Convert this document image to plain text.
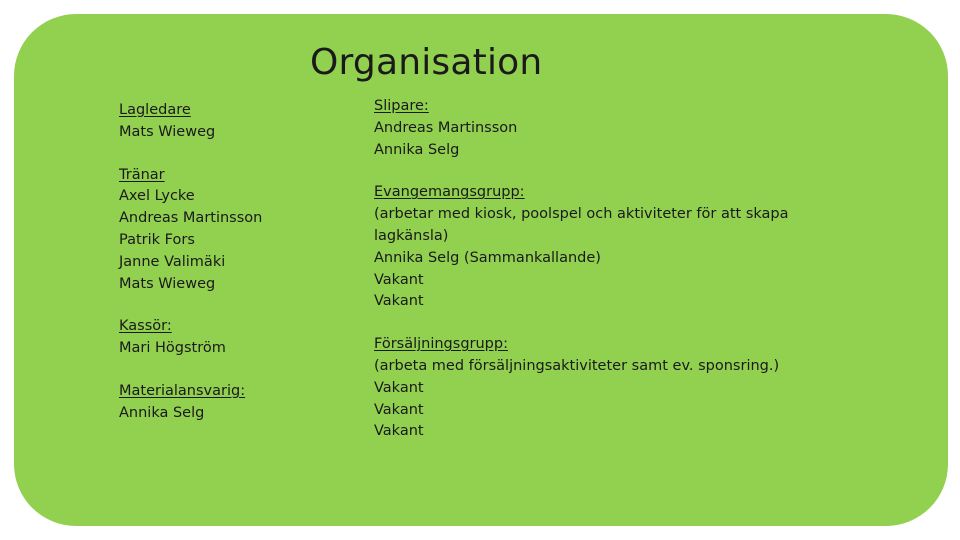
Organisation
Lagledare
Mats Wieweg
Tränar
Axel Lycke
Andreas Martinsson
Patrik Fors
Janne Valimäki
Mats Wieweg
Kassör:
Mari Högström
Materialansvarig:
Annika Selg
Slipare:
Andreas Martinsson
Annika Selg
Evangemangsgrupp:
(arbetar med kiosk, poolspel och aktiviteter för att skapa lagkänsla)
Annika Selg (Sammankallande)
Vakant
Vakant
Försäljningsgrupp:
(arbeta med försäljningsaktiviteter samt ev. sponsring.)
Vakant
Vakant
Vakant
